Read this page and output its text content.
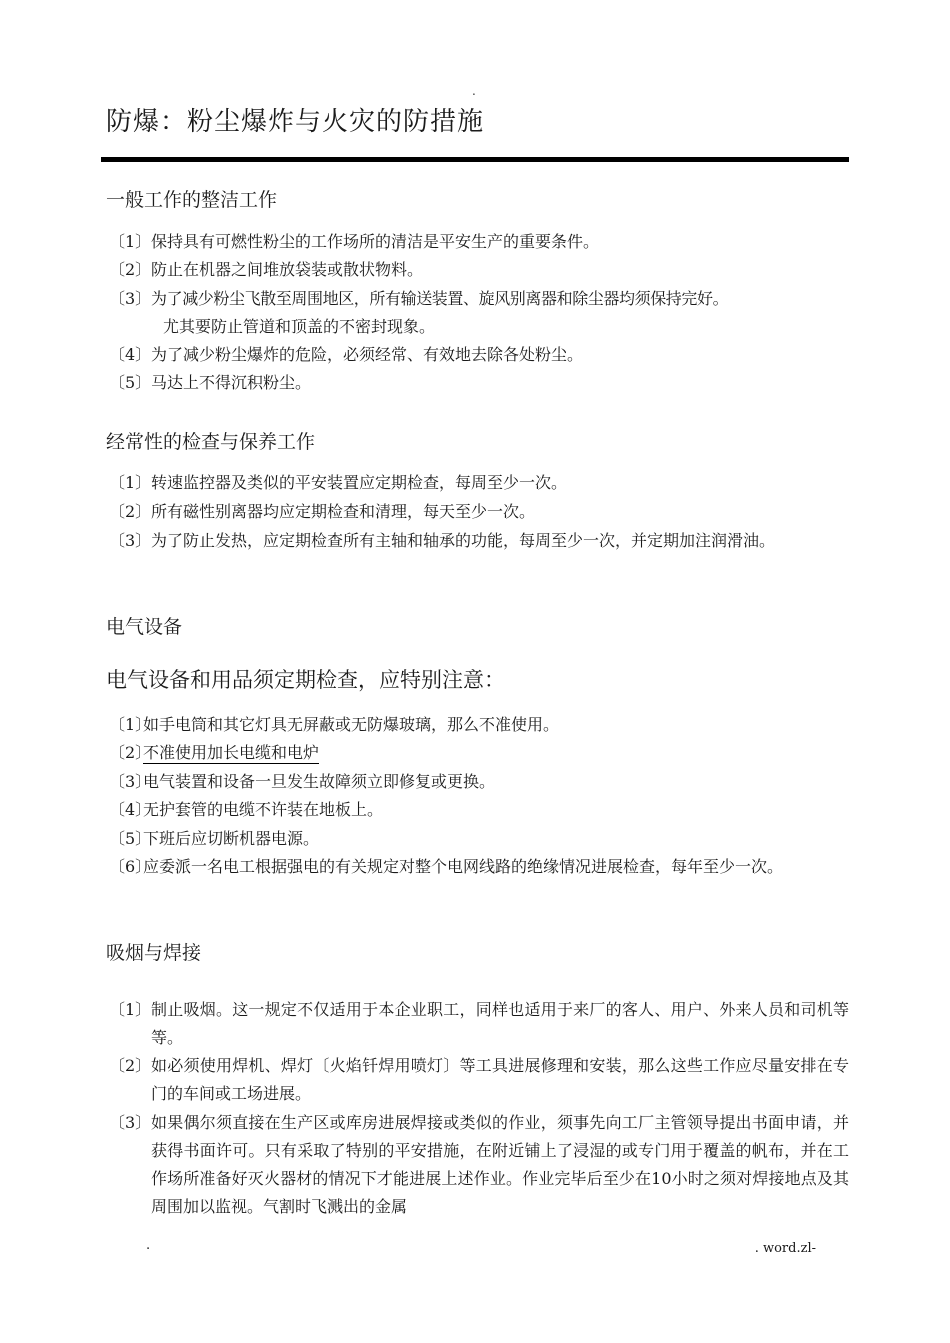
.
防爆：粉尘爆炸与火灾的防措施
一般工作的整洁工作
〔1〕 保持具有可燃性粉尘的工作场所的清洁是平安生产的重要条件。
〔2〕 防止在机器之间堆放袋装或散状物料。
〔3〕 为了减少粉尘飞散至周围地区，所有输送装置、旋风别离器和除尘器均须保持完好。
尤其要防止管道和顶盖的不密封现象。
〔4〕 为了减少粉尘爆炸的危险，必须经常、有效地去除各处粉尘。
〔5〕 马达上不得沉积粉尘。
经常性的检查与保养工作
〔1〕 转速监控器及类似的平安装置应定期检查，每周至少一次。
〔2〕 所有磁性别离器均应定期检查和清理，每天至少一次。
〔3〕 为了防止发热，应定期检查所有主轴和轴承的功能，每周至少一次，并定期加注润滑油。
电气设备
电气设备和用品须定期检查，应特别注意：
〔1〕
如手电筒和其它灯具无屏蔽或无防爆玻璃，那么不准使用。
〔2〕
不准使用加长电缆和电炉
〔3〕
电气装置和设备一旦发生故障须立即修复或更换。
〔4〕
无护套管的电缆不许装在地板上。
〔5〕
下班后应切断机器电源。
〔6〕
应委派一名电工根据强电的有关规定对整个电网线路的绝缘情况进展检查，每年至少一次。
吸烟与焊接
〔1〕 制止吸烟。这一规定不仅适用于本企业职工，同样也适用于来厂的客人、用户、外来人员和司机等等。
〔2〕 如必须使用焊机、焊灯〔火焰钎焊用喷灯〕等工具进展修理和安装，那么这些工作应尽量安排在专门的车间或工场进展。
〔3〕 如果偶尔须直接在生产区或库房进展焊接或类似的作业，须事先向工厂主管领导提出书面申请，并获得书面许可。只有采取了特别的平安措施，在附近铺上了浸湿的或专门用于覆盖的帆布，并在工作场所准备好灭火器材的情况下才能进展上述作业。作业完毕后至少在10小时之须对焊接地点及其周围加以监视。气割时飞溅出的金属
.	. word.zl-
